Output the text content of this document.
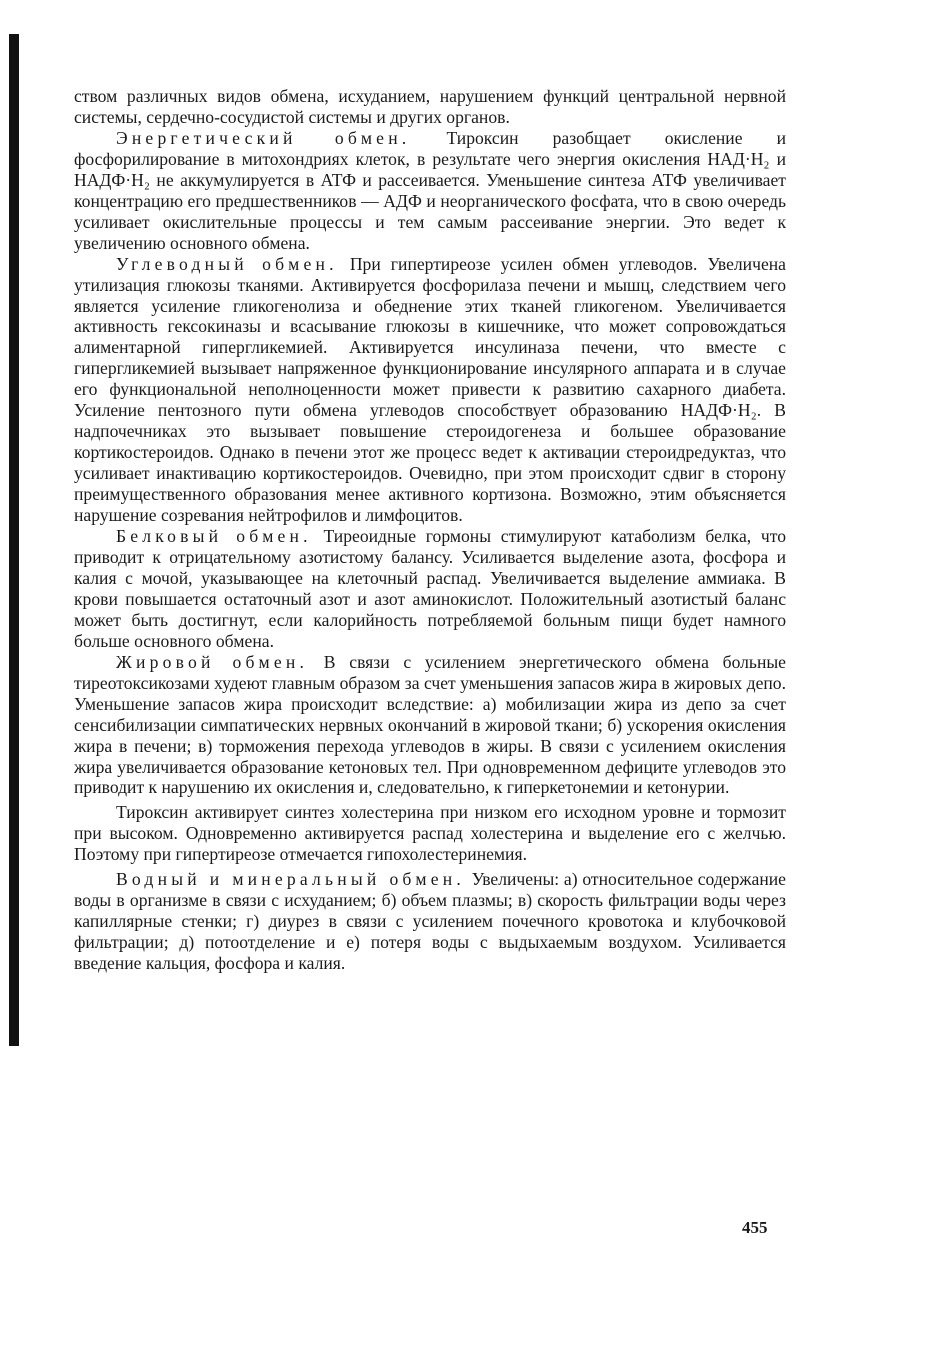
ством различных видов обмена, исхуданием, нарушением функций центральной нервной системы, сердечно-сосудистой системы и других органов.

Энергетический обмен. Тироксин разобщает окисление и фосфорилирование в митохондриях клеток, в результате чего энергия окисления НАД·H₂ и НАДФ·H₂ не аккумулируется в АТФ и рассеивается. Уменьшение синтеза АТФ увеличивает концентрацию его предшественников — АДФ и неорганического фосфата, что в свою очередь усиливает окислительные процессы и тем самым рассеивание энергии. Это ведет к увеличению основного обмена.

Углеводный обмен. При гипертиреозе усилен обмен углеводов. Увеличена утилизация глюкозы тканями. Активируется фосфорилаза печени и мышц, следствием чего является усиление гликогенолиза и обеднение этих тканей гликогеном. Увеличивается активность гексокиназы и всасывание глюкозы в кишечнике, что может сопровождаться алиментарной гипергликемией. Активируется инсулиназа печени, что вместе с гипергликемией вызывает напряженное функционирование инсулярного аппарата и в случае его функциональной неполноценности может привести к развитию сахарного диабета. Усиление пентозного пути обмена углеводов способствует образованию НАДФ·H₂. В надпочечниках это вызывает повышение стероидогенеза и большее образование кортикостероидов. Однако в печени этот же процесс ведет к активации стероидредуктаз, что усиливает инактивацию кортикостероидов. Очевидно, при этом происходит сдвиг в сторону преимущественного образования менее активного кортизона. Возможно, этим объясняется нарушение созревания нейтрофилов и лимфоцитов.

Белковый обмен. Тиреоидные гормоны стимулируют катаболизм белка, что приводит к отрицательному азотистому балансу. Усиливается выделение азота, фосфора и калия с мочой, указывающее на клеточный распад. Увеличивается выделение аммиака. В крови повышается остаточный азот и азот аминокислот. Положительный азотистый баланс может быть достигнут, если калорийность потребляемой больным пищи будет намного больше основного обмена.

Жировой обмен. В связи с усилением энергетического обмена больные тиреотоксикозами худеют главным образом за счет уменьшения запасов жира в жировых депо. Уменьшение запасов жира происходит вследствие: а) мобилизации жира из депо за счет сенсибилизации симпатических нервных окончаний в жировой ткани; б) ускорения окисления жира в печени; в) торможения перехода углеводов в жиры. В связи с усилением окисления жира увеличивается образование кетоновых тел. При одновременном дефиците углеводов это приводит к нарушению их окисления и, следовательно, к гиперкетонемии и кетонурии.

Тироксин активирует синтез холестерина при низком его исходном уровне и тормозит при высоком. Одновременно активируется распад холестерина и выделение его с желчью. Поэтому при гипертиреозе отмечается гипохолестеринемия.

Водный и минеральный обмен. Увеличены: а) относительное содержание воды в организме в связи с исхуданием; б) объем плазмы; в) скорость фильтрации воды через капиллярные стенки; г) диурез в связи с усилением почечного кровотока и клубочковой фильтрации; д) потоотделение и е) потеря воды с выдыхаемым воздухом. Усиливается введение кальция, фосфора и калия.

455
